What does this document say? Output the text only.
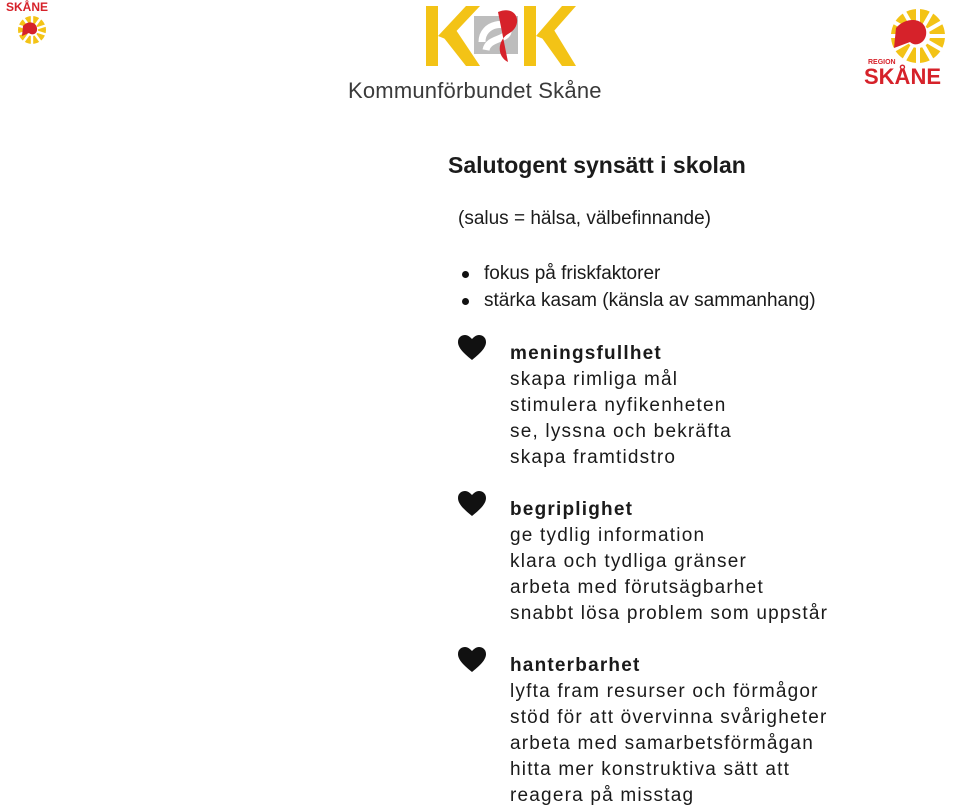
SKÅNE
Kommunförbundet Skåne
REGION
SKÅNE
Salutogent synsätt i skolan
(salus = hälsa, välbefinnande)
fokus på friskfaktorer
stärka kasam (känsla av sammanhang)
meningsfullhet
skapa rimliga mål
stimulera nyfikenheten
se, lyssna och bekräfta
skapa framtidstro
begriplighet
ge tydlig information
klara och tydliga gränser
arbeta med förutsägbarhet
snabbt lösa problem som uppstår
hanterbarhet
lyfta fram resurser och förmågor
stöd för att övervinna svårigheter
arbeta med samarbetsförmågan
hitta mer konstruktiva sätt att
reagera på misstag
